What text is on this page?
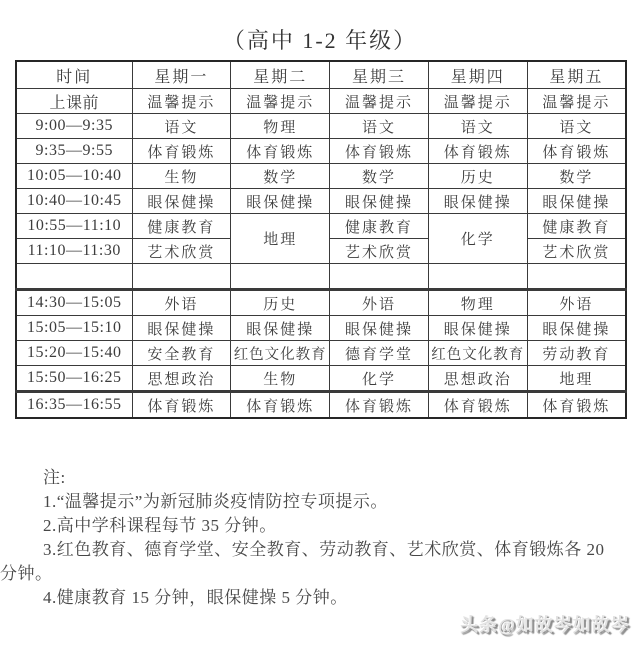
（高中 1-2 年级）
时间	星期一	星期二	星期三	星期四	星期五
上课前	温馨提示	温馨提示	温馨提示	温馨提示	温馨提示
9:00—9:35	语文	物理	语文	语文	语文
9:35—9:55	体育锻炼	体育锻炼	体育锻炼	体育锻炼	体育锻炼
10:05—10:40	生物	数学	数学	历史	数学
10:40—10:45	眼保健操	眼保健操	眼保健操	眼保健操	眼保健操
10:55—11:10	健康教育	地理	健康教育	化学	健康教育
11:10—11:30	艺术欣赏		艺术欣赏		艺术欣赏

14:30—15:05	外语	历史	外语	物理	外语
15:05—15:10	眼保健操	眼保健操	眼保健操	眼保健操	眼保健操
15:20—15:40	安全教育	红色文化教育	德育学堂	红色文化教育	劳动教育
15:50—16:25	思想政治	生物	化学	思想政治	地理
16:35—16:55	体育锻炼	体育锻炼	体育锻炼	体育锻炼	体育锻炼

注:

1.“温馨提示”为新冠肺炎疫情防控专项提示。

2.高中学科课程每节 35 分钟。

3.红色教育、德育学堂、安全教育、劳动教育、艺术欣赏、体育锻炼各 20 分钟。

4.健康教育 15 分钟，眼保健操 5 分钟。

头条@如故岑如故岑
